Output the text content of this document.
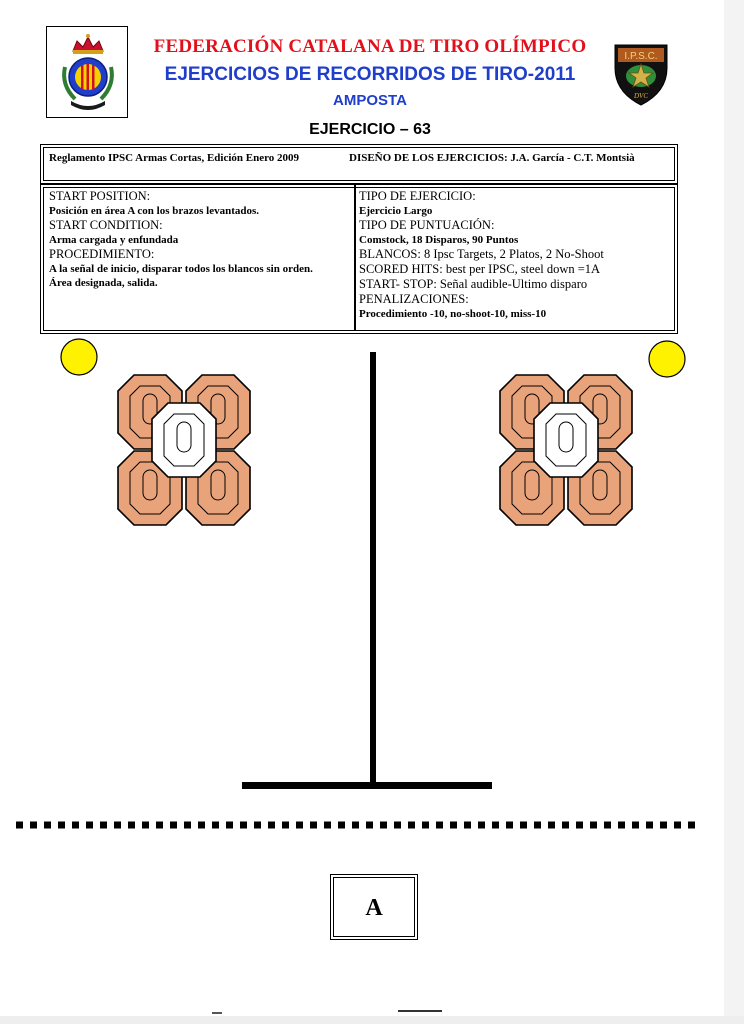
I.P.S.C.
DVC
FEDERACIÓN CATALANA DE TIRO OLÍMPICO
EJERCICIOS DE RECORRIDOS DE TIRO-2011
AMPOSTA
EJERCICIO – 63
Reglamento IPSC Armas Cortas, Edición Enero 2009	DISEÑO DE LOS EJERCICIOS: J.A. García - C.T. Montsià
START POSITION:
Posición en área A con los brazos levantados.
START CONDITION:
Arma cargada y enfundada
PROCEDIMIENTO:
A la señal de inicio, disparar todos los blancos sin orden.
Área designada, salida.
TIPO DE EJERCICIO:
Ejercicio Largo
TIPO DE PUNTUACIÓN:
Comstock, 18 Disparos, 90 Puntos
BLANCOS: 8 Ipsc Targets, 2 Platos, 2 No-Shoot
SCORED HITS: best per IPSC, steel down =1A
START- STOP: Señal audible-Ultimo disparo
PENALIZACIONES:
Procedimiento -10, no-shoot-10, miss-10
A
